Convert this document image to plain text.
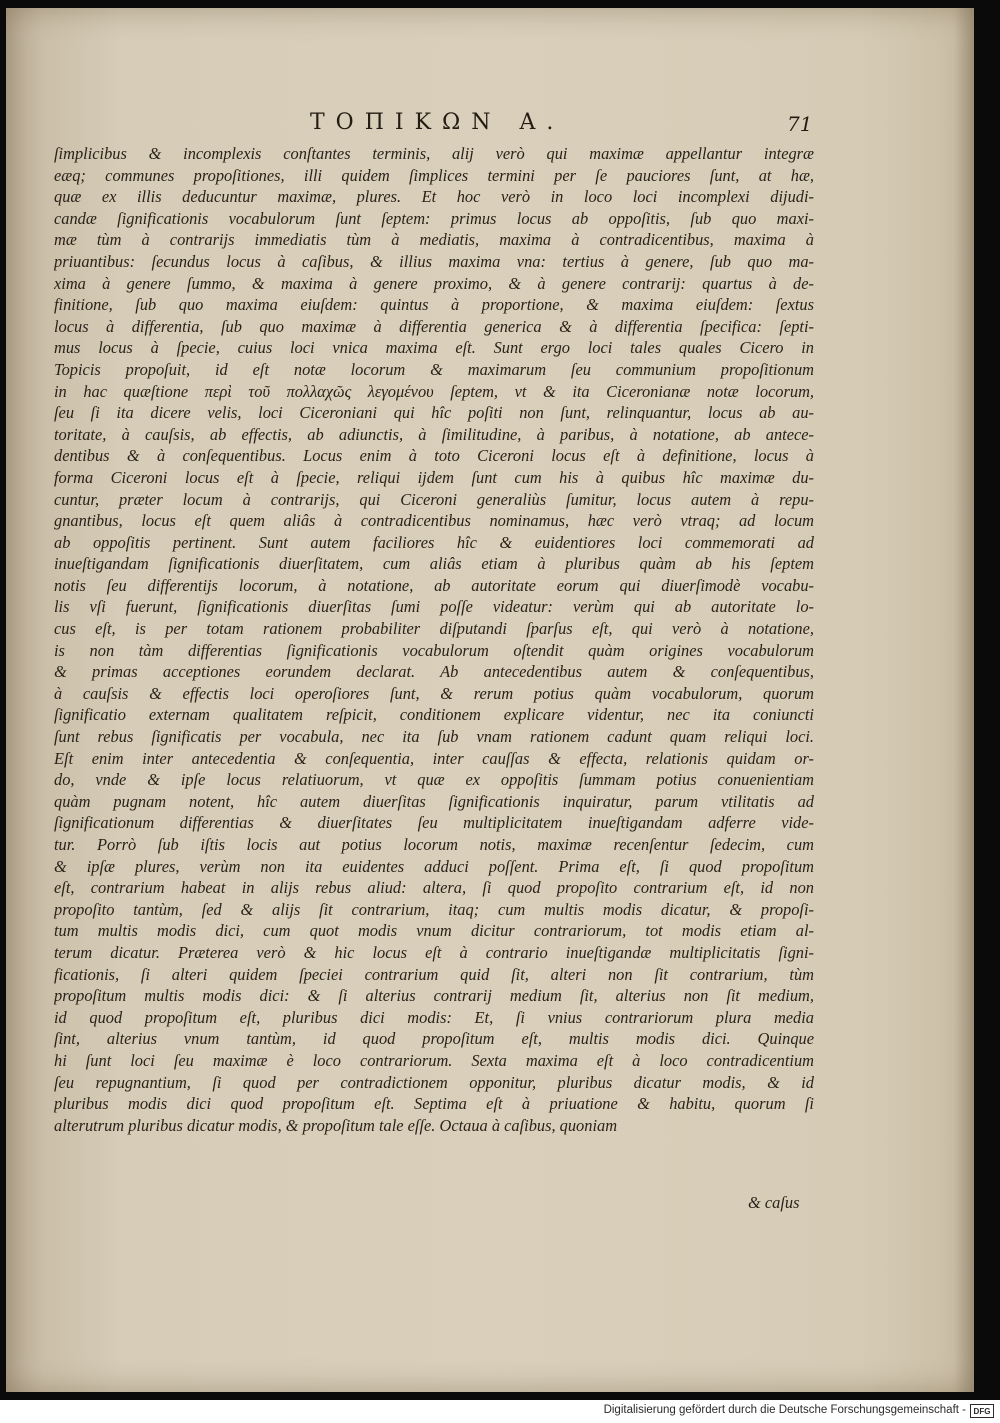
ΤΟΠΙΚΩΝ Α.	71
ſimplicibus & incomplexis conſtantes terminis, alij verò qui maximæ appellantur integræ
eæq; communes propoſitiones, illi quidem ſimplices termini per ſe pauciores ſunt, at hæ,
quæ ex illis deducuntur maximæ, plures. Et hoc verò in loco loci incomplexi dijudi-
candæ ſignificationis vocabulorum ſunt ſeptem: primus locus ab oppoſitis, ſub quo maxi-
mæ tùm à contrarijs immediatis tùm à mediatis, maxima à contradicentibus, maxima à
priuantibus: ſecundus locus à caſibus, & illius maxima vna: tertius à genere, ſub quo ma-
xima à genere ſummo, & maxima à genere proximo, & à genere contrarij: quartus à de-
finitione, ſub quo maxima eiuſdem: quintus à proportione, & maxima eiuſdem: ſextus
locus à differentia, ſub quo maximæ à differentia generica & à differentia ſpecifica: ſepti-
mus locus à ſpecie, cuius loci vnica maxima eſt. Sunt ergo loci tales quales Cicero in
Topicis propoſuit, id eſt notæ locorum & maximarum ſeu communium propoſitionum
in hac quæſtione περὶ τοῦ πολλαχῶς λεγομένου ſeptem, vt & ita Ciceronianæ notæ locorum,
ſeu ſi ita dicere velis, loci Ciceroniani qui hîc poſiti non ſunt, relinquantur, locus ab au-
toritate, à cauſsis, ab effectis, ab adiunctis, à ſimilitudine, à paribus, à notatione, ab antece-
dentibus & à conſequentibus. Locus enim à toto Ciceroni locus eſt à definitione, locus à
forma Ciceroni locus eſt à ſpecie, reliqui ijdem ſunt cum his à quibus hîc maximæ du-
cuntur, præter locum à contrarijs, qui Ciceroni generaliùs ſumitur, locus autem à repu-
gnantibus, locus eſt quem aliâs à contradicentibus nominamus, hæc verò vtraq; ad locum
ab oppoſitis pertinent. Sunt autem faciliores hîc & euidentiores loci commemorati ad
inueſtigandam ſignificationis diuerſitatem, cum aliâs etiam à pluribus quàm ab his ſeptem
notis ſeu differentijs locorum, à notatione, ab autoritate eorum qui diuerſimodè vocabu-
lis vſi fuerunt, ſignificationis diuerſitas ſumi poſſe videatur: verùm qui ab autoritate lo-
cus eſt, is per totam rationem probabiliter diſputandi ſparſus eſt, qui verò à notatione,
is non tàm differentias ſignificationis vocabulorum oſtendit quàm origines vocabulorum
& primas acceptiones eorundem declarat. Ab antecedentibus autem & conſequentibus,
à cauſsis & effectis loci operoſiores ſunt, & rerum potius quàm vocabulorum, quorum
ſignificatio externam qualitatem reſpicit, conditionem explicare videntur, nec ita coniuncti
ſunt rebus ſignificatis per vocabula, nec ita ſub vnam rationem cadunt quam reliqui loci.
Eſt enim inter antecedentia & conſequentia, inter cauſſas & effecta, relationis quidam or-
do, vnde & ipſe locus relatiuorum, vt quæ ex oppoſitis ſummam potius conuenientiam
quàm pugnam notent, hîc autem diuerſitas ſignificationis inquiratur, parum vtilitatis ad
ſignificationum differentias & diuerſitates ſeu multiplicitatem inueſtigandam adferre vide-
tur. Porrò ſub iſtis locis aut potius locorum notis, maximæ recenſentur ſedecim, cum
& ipſæ plures, verùm non ita euidentes adduci poſſent. Prima eſt, ſi quod propoſitum
eſt, contrarium habeat in alijs rebus aliud: altera, ſi quod propoſito contrarium eſt, id non
propoſito tantùm, ſed & alijs ſit contrarium, itaq; cum multis modis dicatur, & propoſi-
tum multis modis dici, cum quot modis vnum dicitur contrariorum, tot modis etiam al-
terum dicatur. Præterea verò & hic locus eſt à contrario inueſtigandæ multiplicitatis ſigni-
ficationis, ſi alteri quidem ſpeciei contrarium quid ſit, alteri non ſit contrarium, tùm
propoſitum multis modis dici: & ſi alterius contrarij medium ſit, alterius non ſit medium,
id quod propoſitum eſt, pluribus dici modis: Et, ſi vnius contrariorum plura media
ſint, alterius vnum tantùm, id quod propoſitum eſt, multis modis dici. Quinque
hi ſunt loci ſeu maximæ è loco contrariorum. Sexta maxima eſt à loco contradicentium
ſeu repugnantium, ſi quod per contradictionem opponitur, pluribus dicatur modis, & id
pluribus modis dici quod propoſitum eſt. Septima eſt à priuatione & habitu, quorum ſi
alterutrum pluribus dicatur modis, & propoſitum tale eſſe. Octaua à caſibus, quoniam
& caſus
Digitalisierung gefördert durch die Deutsche Forschungsgemeinschaft - DFG
